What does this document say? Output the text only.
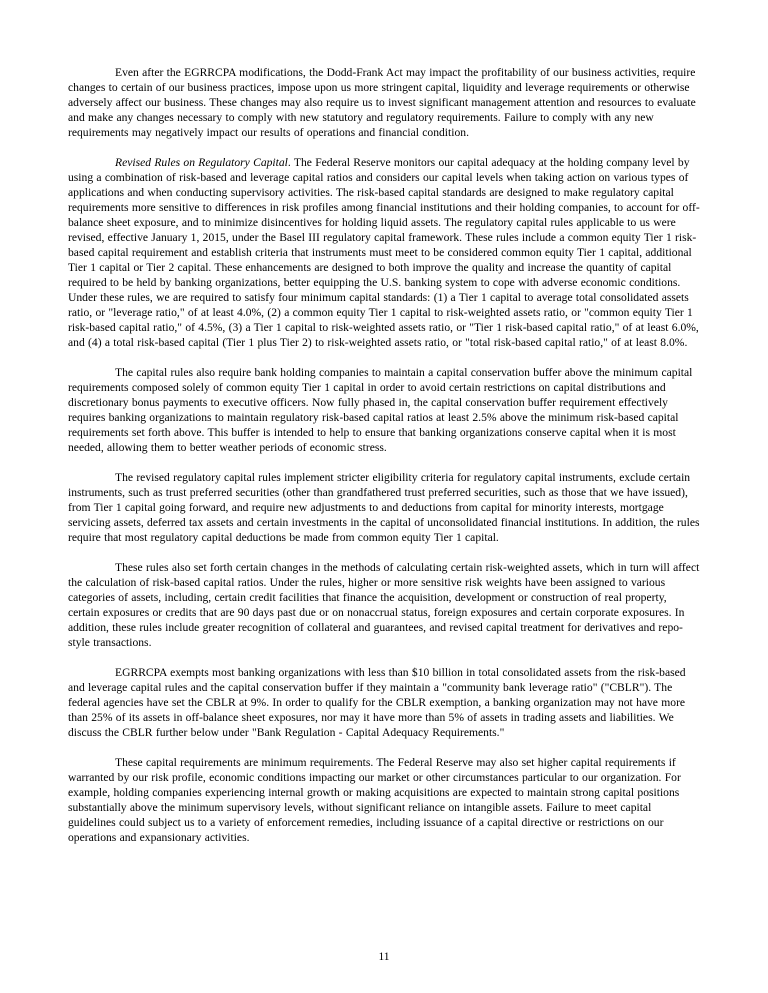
Even after the EGRRCPA modifications, the Dodd-Frank Act may impact the profitability of our business activities, require changes to certain of our business practices, impose upon us more stringent capital, liquidity and leverage requirements or otherwise adversely affect our business. These changes may also require us to invest significant management attention and resources to evaluate and make any changes necessary to comply with new statutory and regulatory requirements. Failure to comply with any new requirements may negatively impact our results of operations and financial condition.

Revised Rules on Regulatory Capital. The Federal Reserve monitors our capital adequacy at the holding company level by using a combination of risk-based and leverage capital ratios and considers our capital levels when taking action on various types of applications and when conducting supervisory activities. The risk-based capital standards are designed to make regulatory capital requirements more sensitive to differences in risk profiles among financial institutions and their holding companies, to account for off-balance sheet exposure, and to minimize disincentives for holding liquid assets. The regulatory capital rules applicable to us were revised, effective January 1, 2015, under the Basel III regulatory capital framework. These rules include a common equity Tier 1 risk-based capital requirement and establish criteria that instruments must meet to be considered common equity Tier 1 capital, additional Tier 1 capital or Tier 2 capital. These enhancements are designed to both improve the quality and increase the quantity of capital required to be held by banking organizations, better equipping the U.S. banking system to cope with adverse economic conditions. Under these rules, we are required to satisfy four minimum capital standards: (1) a Tier 1 capital to average total consolidated assets ratio, or "leverage ratio," of at least 4.0%, (2) a common equity Tier 1 capital to risk-weighted assets ratio, or "common equity Tier 1 risk-based capital ratio," of 4.5%, (3) a Tier 1 capital to risk-weighted assets ratio, or "Tier 1 risk-based capital ratio," of at least 6.0%, and (4) a total risk-based capital (Tier 1 plus Tier 2) to risk-weighted assets ratio, or "total risk-based capital ratio," of at least 8.0%.

The capital rules also require bank holding companies to maintain a capital conservation buffer above the minimum capital requirements composed solely of common equity Tier 1 capital in order to avoid certain restrictions on capital distributions and discretionary bonus payments to executive officers. Now fully phased in, the capital conservation buffer requirement effectively requires banking organizations to maintain regulatory risk-based capital ratios at least 2.5% above the minimum risk-based capital requirements set forth above. This buffer is intended to help to ensure that banking organizations conserve capital when it is most needed, allowing them to better weather periods of economic stress.

The revised regulatory capital rules implement stricter eligibility criteria for regulatory capital instruments, exclude certain instruments, such as trust preferred securities (other than grandfathered trust preferred securities, such as those that we have issued), from Tier 1 capital going forward, and require new adjustments to and deductions from capital for minority interests, mortgage servicing assets, deferred tax assets and certain investments in the capital of unconsolidated financial institutions. In addition, the rules require that most regulatory capital deductions be made from common equity Tier 1 capital.

These rules also set forth certain changes in the methods of calculating certain risk-weighted assets, which in turn will affect the calculation of risk-based capital ratios. Under the rules, higher or more sensitive risk weights have been assigned to various categories of assets, including, certain credit facilities that finance the acquisition, development or construction of real property, certain exposures or credits that are 90 days past due or on nonaccrual status, foreign exposures and certain corporate exposures. In addition, these rules include greater recognition of collateral and guarantees, and revised capital treatment for derivatives and repo-style transactions.

EGRRCPA exempts most banking organizations with less than $10 billion in total consolidated assets from the risk-based and leverage capital rules and the capital conservation buffer if they maintain a "community bank leverage ratio" ("CBLR"). The federal agencies have set the CBLR at 9%. In order to qualify for the CBLR exemption, a banking organization may not have more than 25% of its assets in off-balance sheet exposures, nor may it have more than 5% of assets in trading assets and liabilities. We discuss the CBLR further below under "Bank Regulation - Capital Adequacy Requirements."

These capital requirements are minimum requirements. The Federal Reserve may also set higher capital requirements if warranted by our risk profile, economic conditions impacting our market or other circumstances particular to our organization. For example, holding companies experiencing internal growth or making acquisitions are expected to maintain strong capital positions substantially above the minimum supervisory levels, without significant reliance on intangible assets. Failure to meet capital guidelines could subject us to a variety of enforcement remedies, including issuance of a capital directive or restrictions on our operations and expansionary activities.

11
